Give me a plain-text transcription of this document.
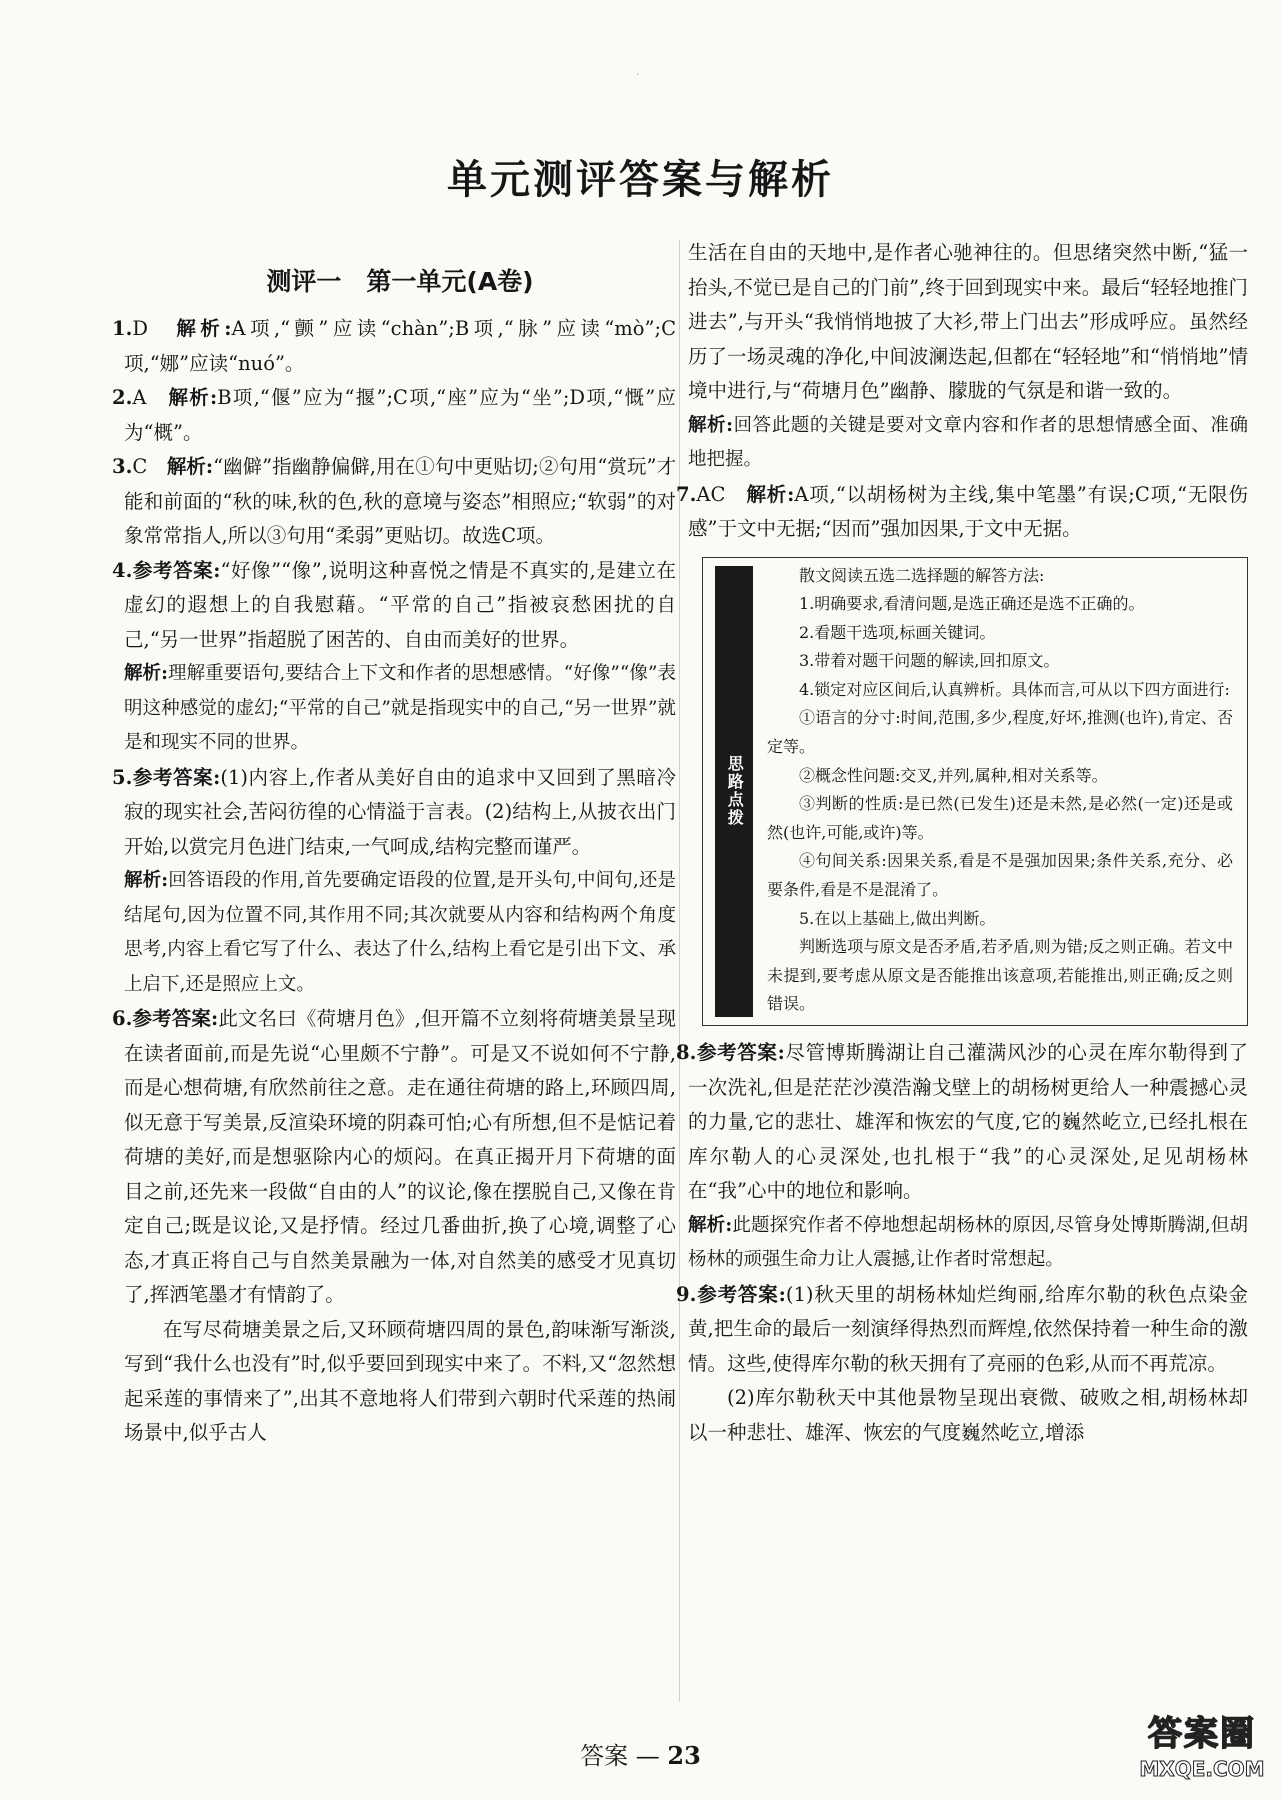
·
单元测评答案与解析
测评一　第一单元(A卷)

1.D　 解析:A项,“颤”应读“chàn”;B项,“脉”应读“mò”;C项,“娜”应读“nuó”。

2.A　 解析:B项,“偃”应为“揠”;C项,“座”应为“坐”;D项,“慨”应为“概”。

3.C　 解析:“幽僻”指幽静偏僻,用在①句中更贴切;②句用“赏玩”才能和前面的“秋的味,秋的色,秋的意境与姿态”相照应;“软弱”的对象常常指人,所以③句用“柔弱”更贴切。故选C项。

4.参考答案:“好像”“像”,说明这种喜悦之情是不真实的,是建立在虚幻的遐想上的自我慰藉。“平常的自己”指被哀愁困扰的自己,“另一世界”指超脱了困苦的、自由而美好的世界。

解析:理解重要语句,要结合上下文和作者的思想感情。“好像”“像”表明这种感觉的虚幻;“平常的自己”就是指现实中的自己,“另一世界”就是和现实不同的世界。

5.参考答案:(1)内容上,作者从美好自由的追求中又回到了黑暗冷寂的现实社会,苦闷彷徨的心情溢于言表。(2)结构上,从披衣出门开始,以赏完月色进门结束,一气呵成,结构完整而谨严。

解析:回答语段的作用,首先要确定语段的位置,是开头句,中间句,还是结尾句,因为位置不同,其作用不同;其次就要从内容和结构两个角度思考,内容上看它写了什么、表达了什么,结构上看它是引出下文、承上启下,还是照应上文。

6.参考答案:此文名曰《荷塘月色》,但开篇不立刻将荷塘美景呈现在读者面前,而是先说“心里颇不宁静”。可是又不说如何不宁静,而是心想荷塘,有欣然前往之意。走在通往荷塘的路上,环顾四周,似无意于写美景,反渲染环境的阴森可怕;心有所想,但不是惦记着荷塘的美好,而是想驱除内心的烦闷。在真正揭开月下荷塘的面目之前,还先来一段做“自由的人”的议论,像在摆脱自己,又像在肯定自己;既是议论,又是抒情。经过几番曲折,换了心境,调整了心态,才真正将自己与自然美景融为一体,对自然美的感受才见真切了,挥洒笔墨才有情韵了。

在写尽荷塘美景之后,又环顾荷塘四周的景色,韵味渐写渐淡,写到“我什么也没有”时,似乎要回到现实中来了。不料,又“忽然想起采莲的事情来了”,出其不意地将人们带到六朝时代采莲的热闹场景中,似乎古人

生活在自由的天地中,是作者心驰神往的。但思绪突然中断,“猛一抬头,不觉已是自己的门前”,终于回到现实中来。最后“轻轻地推门进去”,与开头“我悄悄地披了大衫,带上门出去”形成呼应。虽然经历了一场灵魂的净化,中间波澜迭起,但都在“轻轻地”和“悄悄地”情境中进行,与“荷塘月色”幽静、朦胧的气氛是和谐一致的。

解析:回答此题的关键是要对文章内容和作者的思想情感全面、准确地把握。

7.AC　 解析:A项,“以胡杨树为主线,集中笔墨”有误;C项,“无限伤感”于文中无据;“因而”强加因果,于文中无据。

思路点拨

散文阅读五选二选择题的解答方法:

1.明确要求,看清问题,是选正确还是选不正确的。

2.看题干选项,标画关键词。

3.带着对题干问题的解读,回扣原文。

4.锁定对应区间后,认真辨析。具体而言,可从以下四方面进行:

①语言的分寸:时间,范围,多少,程度,好坏,推测(也许),肯定、否定等。

②概念性问题:交叉,并列,属种,相对关系等。

③判断的性质:是已然(已发生)还是未然,是必然(一定)还是或然(也许,可能,或许)等。

④句间关系:因果关系,看是不是强加因果;条件关系,充分、必要条件,看是不是混淆了。

5.在以上基础上,做出判断。

判断选项与原文是否矛盾,若矛盾,则为错;反之则正确。若文中未提到,要考虑从原文是否能推出该意项,若能推出,则正确;反之则错误。

8.参考答案:尽管博斯腾湖让自己灌满风沙的心灵在库尔勒得到了一次洗礼,但是茫茫沙漠浩瀚戈壁上的胡杨树更给人一种震撼心灵的力量,它的悲壮、雄浑和恢宏的气度,它的巍然屹立,已经扎根在库尔勒人的心灵深处,也扎根于“我”的心灵深处,足见胡杨林在“我”心中的地位和影响。

解析:此题探究作者不停地想起胡杨林的原因,尽管身处博斯腾湖,但胡杨林的顽强生命力让人震撼,让作者时常想起。

9.参考答案:(1)秋天里的胡杨林灿烂绚丽,给库尔勒的秋色点染金黄,把生命的最后一刻演绎得热烈而辉煌,依然保持着一种生命的激情。这些,使得库尔勒的秋天拥有了亮丽的色彩,从而不再荒凉。

(2)库尔勒秋天中其他景物呈现出衰微、破败之相,胡杨林却以一种悲壮、雄浑、恢宏的气度巍然屹立,增添

答案 — 23
答案圈
MXQE.COM
